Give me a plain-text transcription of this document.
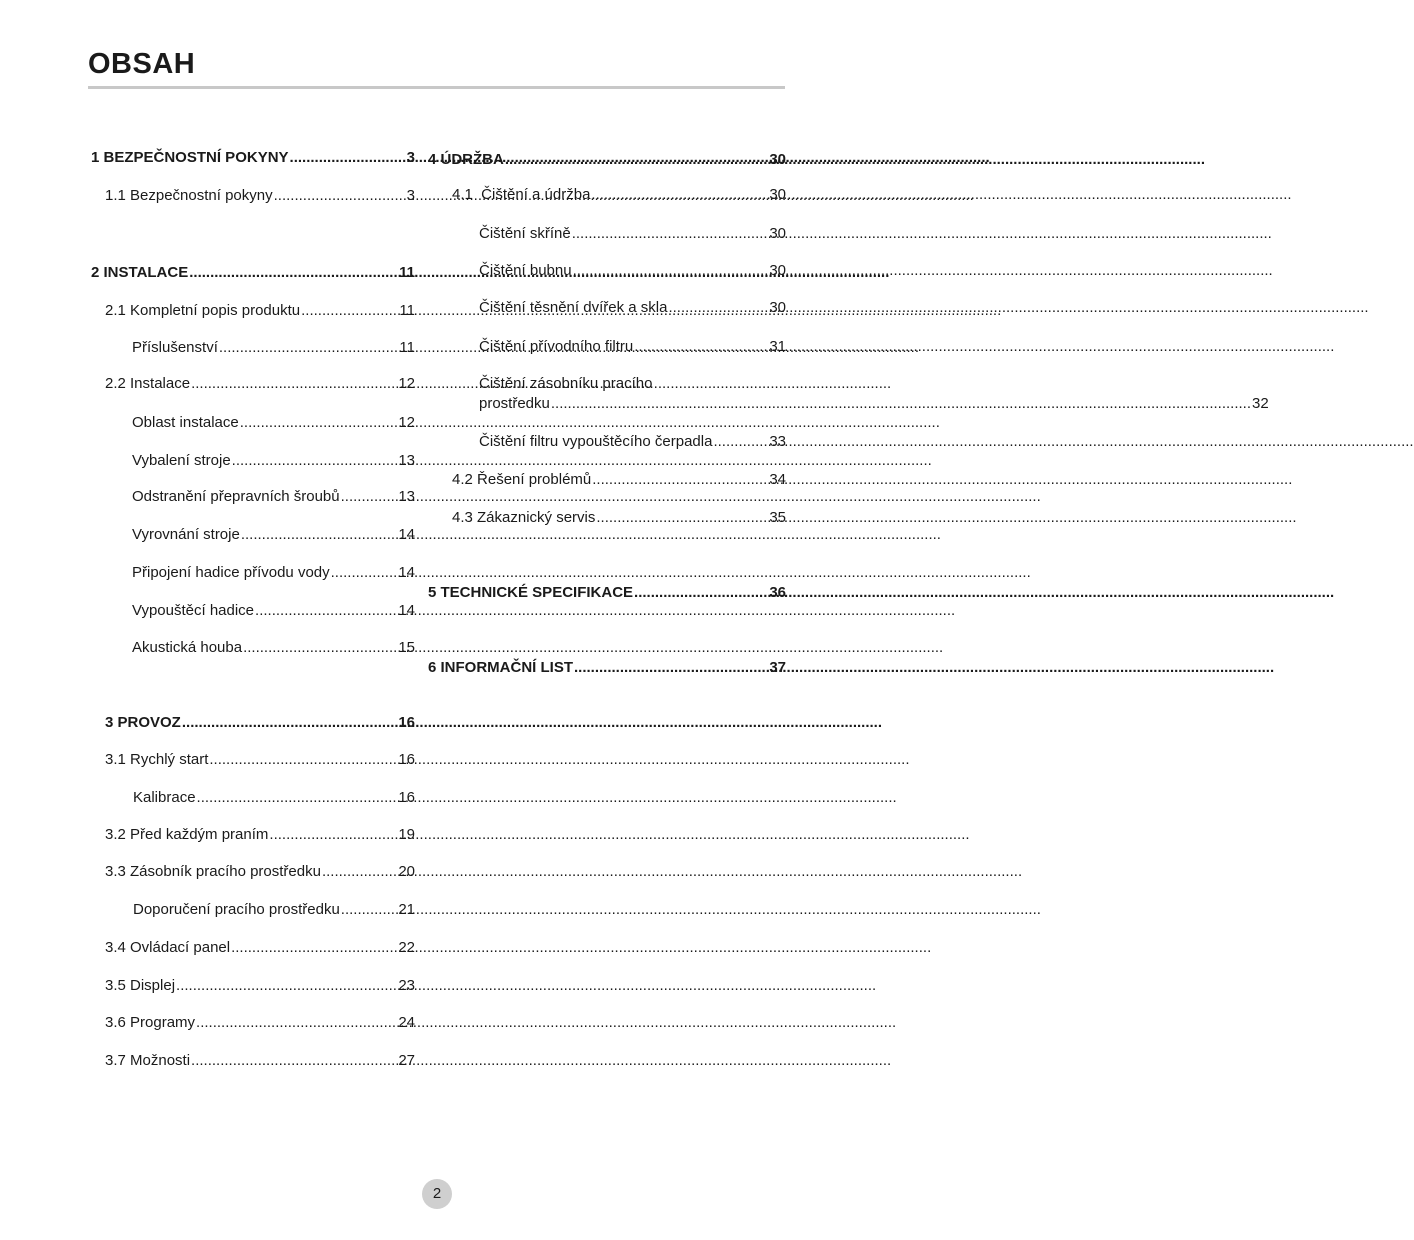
OBSAH
1 BEZPEČNOSTNÍ POKYNY .....	3
1.1 Bezpečnostní pokyny .....	3
2 INSTALACE .....	11
2.1 Kompletní popis produktu .....	11
Příslušenství .....	11
2.2 Instalace .....	12
Oblast instalace .....	12
Vybalení stroje .....	13
Odstranění přepravních šroubů .....	13
Vyrovnání stroje .....	14
Připojení hadice přívodu vody .....	14
Vypouštěcí hadice .....	14
Akustická houba .....	15
3 PROVOZ .....	16
3.1 Rychlý start .....	16
Kalibrace .....	16
3.2 Před každým praním .....	19
3.3 Zásobník pracího prostředku .....	20
Doporučení pracího prostředku .....	21
3.4 Ovládací panel .....	22
3.5 Displej .....	23
3.6 Programy .....	24
3.7 Možnosti .....	27
4 ÚDRŽBA .....	30
4.1  Čištění a údržba .....	30
Čištění skříně .....	30
Čištění bubnu .....	30
Čištění těsnění dvířek a skla .....	30
Čištění přívodního filtru .....	31
Čištění zásobníku pracího
prostředku .....	32
Čištění filtru vypouštěcího čerpadla .....	33
4.2 Řešení problémů .....	34
4.3 Zákaznický servis .....	35
5 TECHNICKÉ SPECIFIKACE .....	36
6 INFORMAČNÍ LIST .....	37
2
